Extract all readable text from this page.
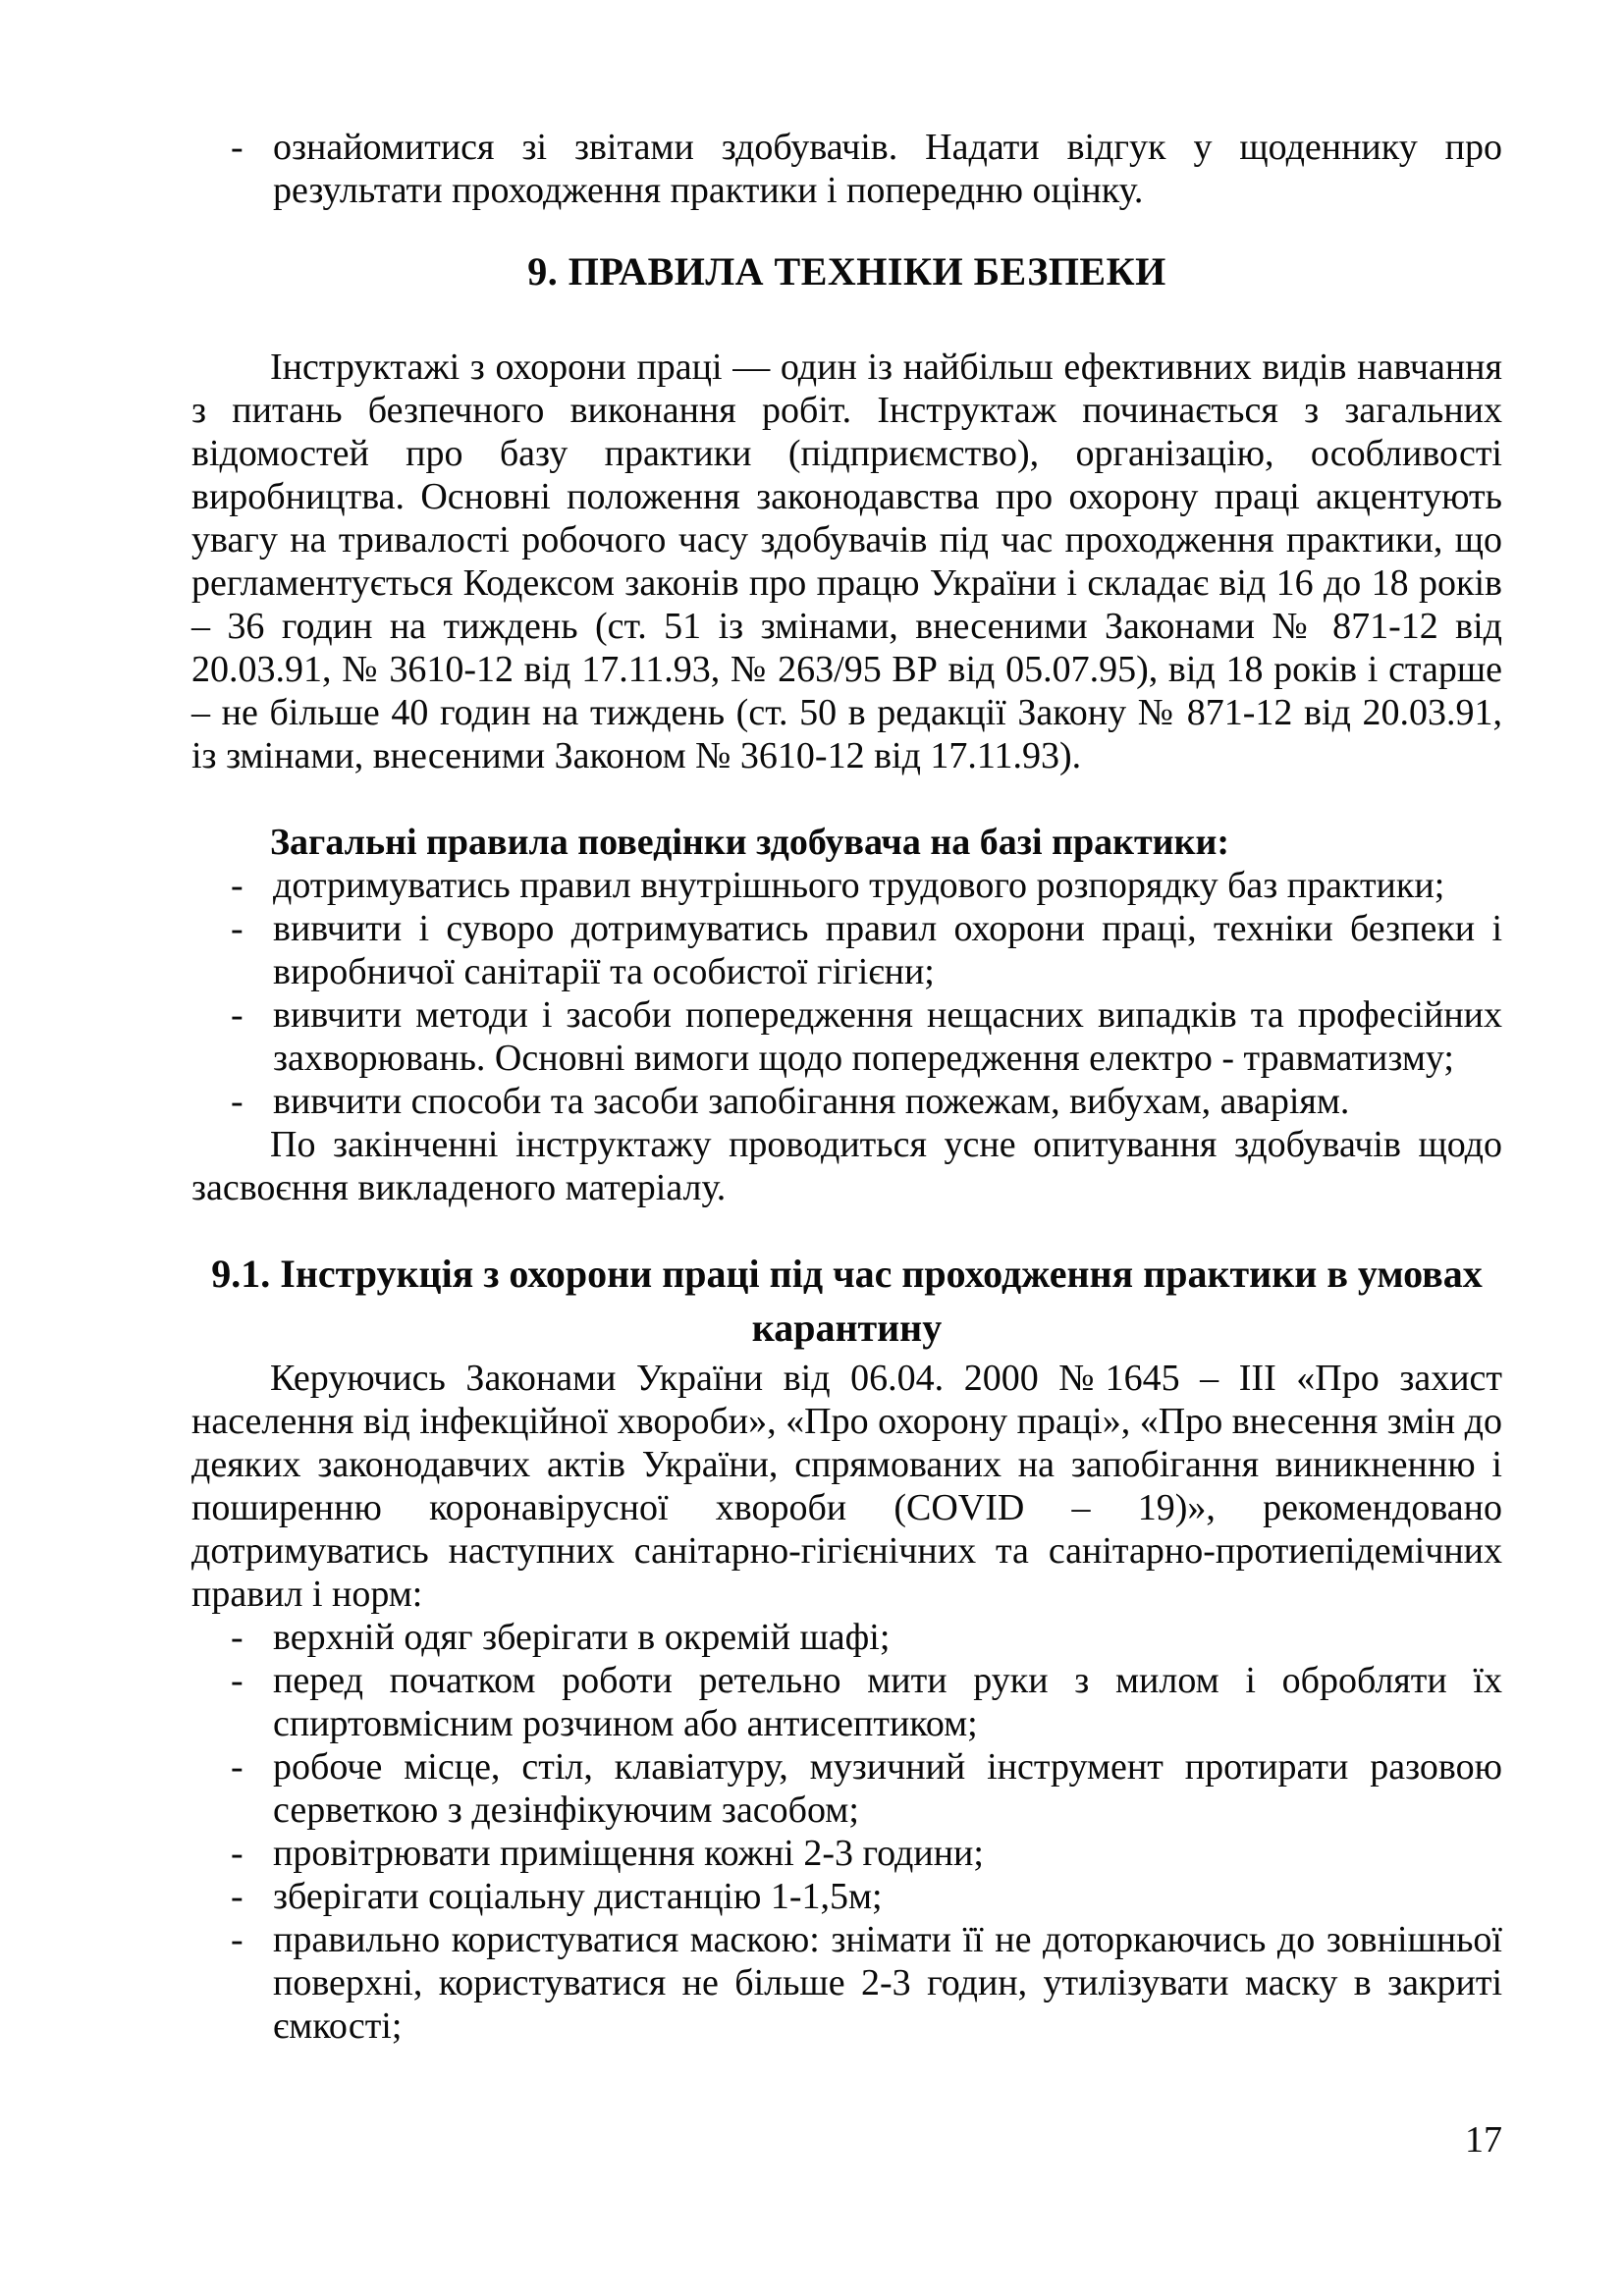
- ознайомитися зі звітами здобувачів. Надати відгук у щоденнику про результати проходження практики і попередню оцінку.
9. ПРАВИЛА ТЕХНІКИ БЕЗПЕКИ

Інструктажі з охорони праці — один із найбільш ефективних видів навчання з питань безпечного виконання робіт. Інструктаж починається з загальних відомостей про базу практики (підприємство), організацію, особливості виробництва. Основні положення законодавства про охорону праці акцентують увагу на тривалості робочого часу здобувачів під час проходження практики, що регламентується Кодексом законів про працю України і складає від 16 до 18 років – 36 годин на тиждень (ст. 51 із змінами, внесеними Законами № 871-12 від 20.03.91, № 3610-12 від 17.11.93, № 263/95 ВР від 05.07.95), від 18 років і старше – не більше 40 годин на тиждень (ст. 50 в редакції Закону № 871-12 від 20.03.91, із змінами, внесеними Законом № 3610-12 від 17.11.93).

Загальні правила поведінки здобувача на базі практики:

- дотримуватись правил внутрішнього трудового розпорядку баз практики;
- вивчити і суворо дотримуватись правил охорони праці, техніки безпеки і виробничої санітарії та особистої гігієни;
- вивчити методи і засоби попередження нещасних випадків та професійних захворювань. Основні вимоги щодо попередження електро - травматизму;
- вивчити способи та засоби запобігання пожежам, вибухам, аваріям.

По закінченні інструктажу проводиться усне опитування здобувачів щодо засвоєння викладеного матеріалу.

9.1. Інструкція з охорони праці під час проходження практики в умовах карантину

Керуючись Законами України від 06.04. 2000 №1645 – ІІІ «Про захист населення від інфекційної хвороби», «Про охорону праці», «Про внесення змін до деяких законодавчих актів України, спрямованих на запобігання виникненню і поширенню коронавірусної хвороби (COVID – 19)», рекомендовано дотримуватись наступних санітарно-гігієнічних та санітарно-протиепідемічних правил і норм:

- верхній одяг зберігати в окремій шафі;
- перед початком роботи ретельно мити руки з милом і обробляти їх спиртовмісним розчином або антисептиком;
- робоче місце, стіл, клавіатуру, музичний інструмент протирати разовою серветкою з дезінфікуючим засобом;
- провітрювати приміщення кожні 2-3 години;
- зберігати соціальну дистанцію 1-1,5м;
- правильно користуватися маскою: знімати її не доторкаючись до зовнішньої поверхні, користуватися не більше 2-3 годин, утилізувати маску в закриті ємкості;
17
